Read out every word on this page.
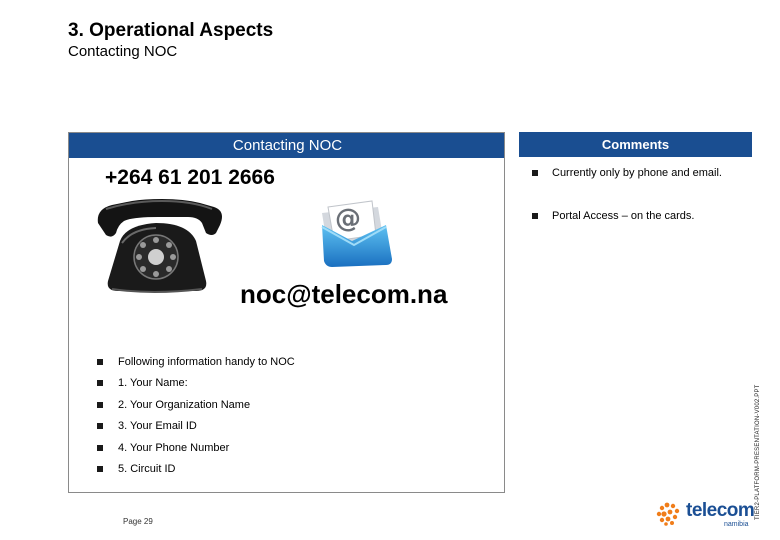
3. Operational Aspects
Contacting NOC
Contacting NOC	Comments
+264 61 201 2666
@
noc@telecom.na
Following information handy to NOC
1. Your Name:
2. Your Organization Name
3. Your Email ID
4. Your Phone Number
5. Circuit ID
Currently only by phone and email.
Portal Access – on the cards.
Page 29
TIER2-PLATFORM-PRESENTATION-V002.PPT
telecom
namibia
